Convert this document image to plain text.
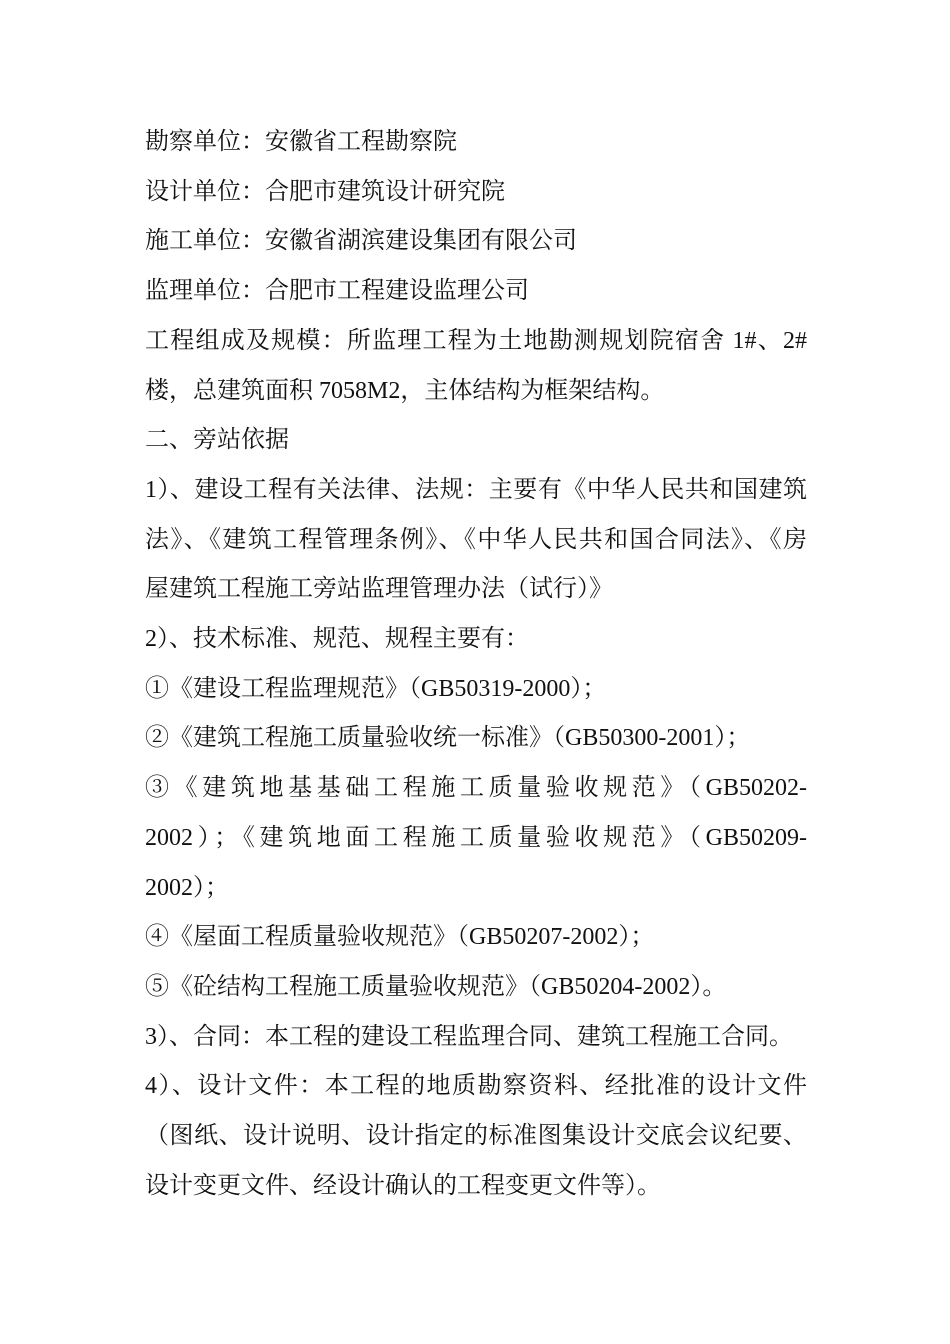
勘察单位：安徽省工程勘察院

设计单位：合肥市建筑设计研究院

施工单位：安徽省湖滨建设集团有限公司

监理单位：合肥市工程建设监理公司

工程组成及规模：所监理工程为土地勘测规划院宿舍 1#、2#

楼，总建筑面积 7058M2，主体结构为框架结构。

二、旁站依据

1）、建设工程有关法律、法规：主要有《中华人民共和国建筑

法》、《建筑工程管理条例》、《中华人民共和国合同法》、《房

屋建筑工程施工旁站监理管理办法（试行）》

2）、技术标准、规范、规程主要有：

①《建设工程监理规范》（GB50319-2000）；

②《建筑工程施工质量验收统一标准》（GB50300-2001）；

③《建筑地基基础工程施工质量验收规范》（GB50202-

2002）；《建筑地面工程施工质量验收规范》（GB50209-

2002）；

④《屋面工程质量验收规范》（GB50207-2002）；

⑤《砼结构工程施工质量验收规范》（GB50204-2002）。

3）、合同：本工程的建设工程监理合同、建筑工程施工合同。

4）、设计文件：本工程的地质勘察资料、经批准的设计文件

（图纸、设计说明、设计指定的标准图集设计交底会议纪要、

设计变更文件、经设计确认的工程变更文件等）。
